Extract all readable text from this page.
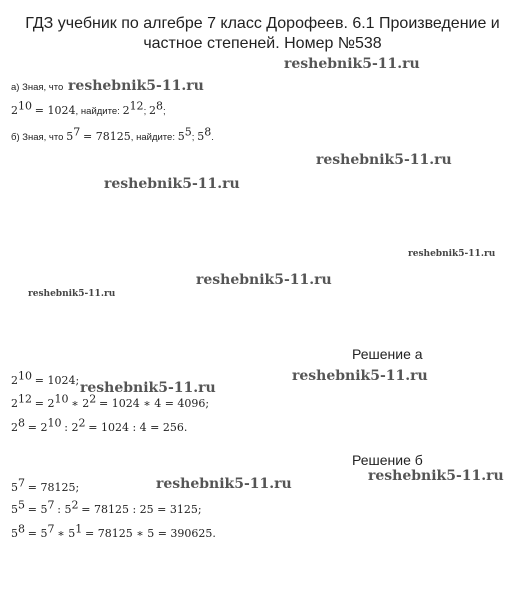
ГДЗ учебник по алгебре 7 класс Дорофеев. 6.1 Произведение и частное степеней. Номер №538
reshebnik5-11.ru
reshebnik5-11.ru
reshebnik5-11.ru
reshebnik5-11.ru
reshebnik5-11.ru
reshebnik5-11.ru
reshebnik5-11.ru
reshebnik5-11.ru
reshebnik5-11.ru	reshebnik5-11.ru
а) Зная, что reshebnik5-11.ru
$2^{10} = 1024$, найдите: $2^{12}$; $2^8$;
б) Зная, что $5^7 = 78125$, найдите: $5^5$; $5^8$.
Решение а
$2^{10} = 1024$;
$2^{12} = 2^{10}$ ∗ $2^2 = 1024$ ∗ 4 = 4096;
$2^8 = 2^{10}$ : $2^2 = 1024$ : 4 = 256.
Решение б
$5^7 = 78125$;
$5^5 = 5^7$ : $5^2 = 78125$ : 25 = 3125;
$5^8 = 5^7$ ∗ $5^1 = 78125$ ∗ 5 = 390625.
